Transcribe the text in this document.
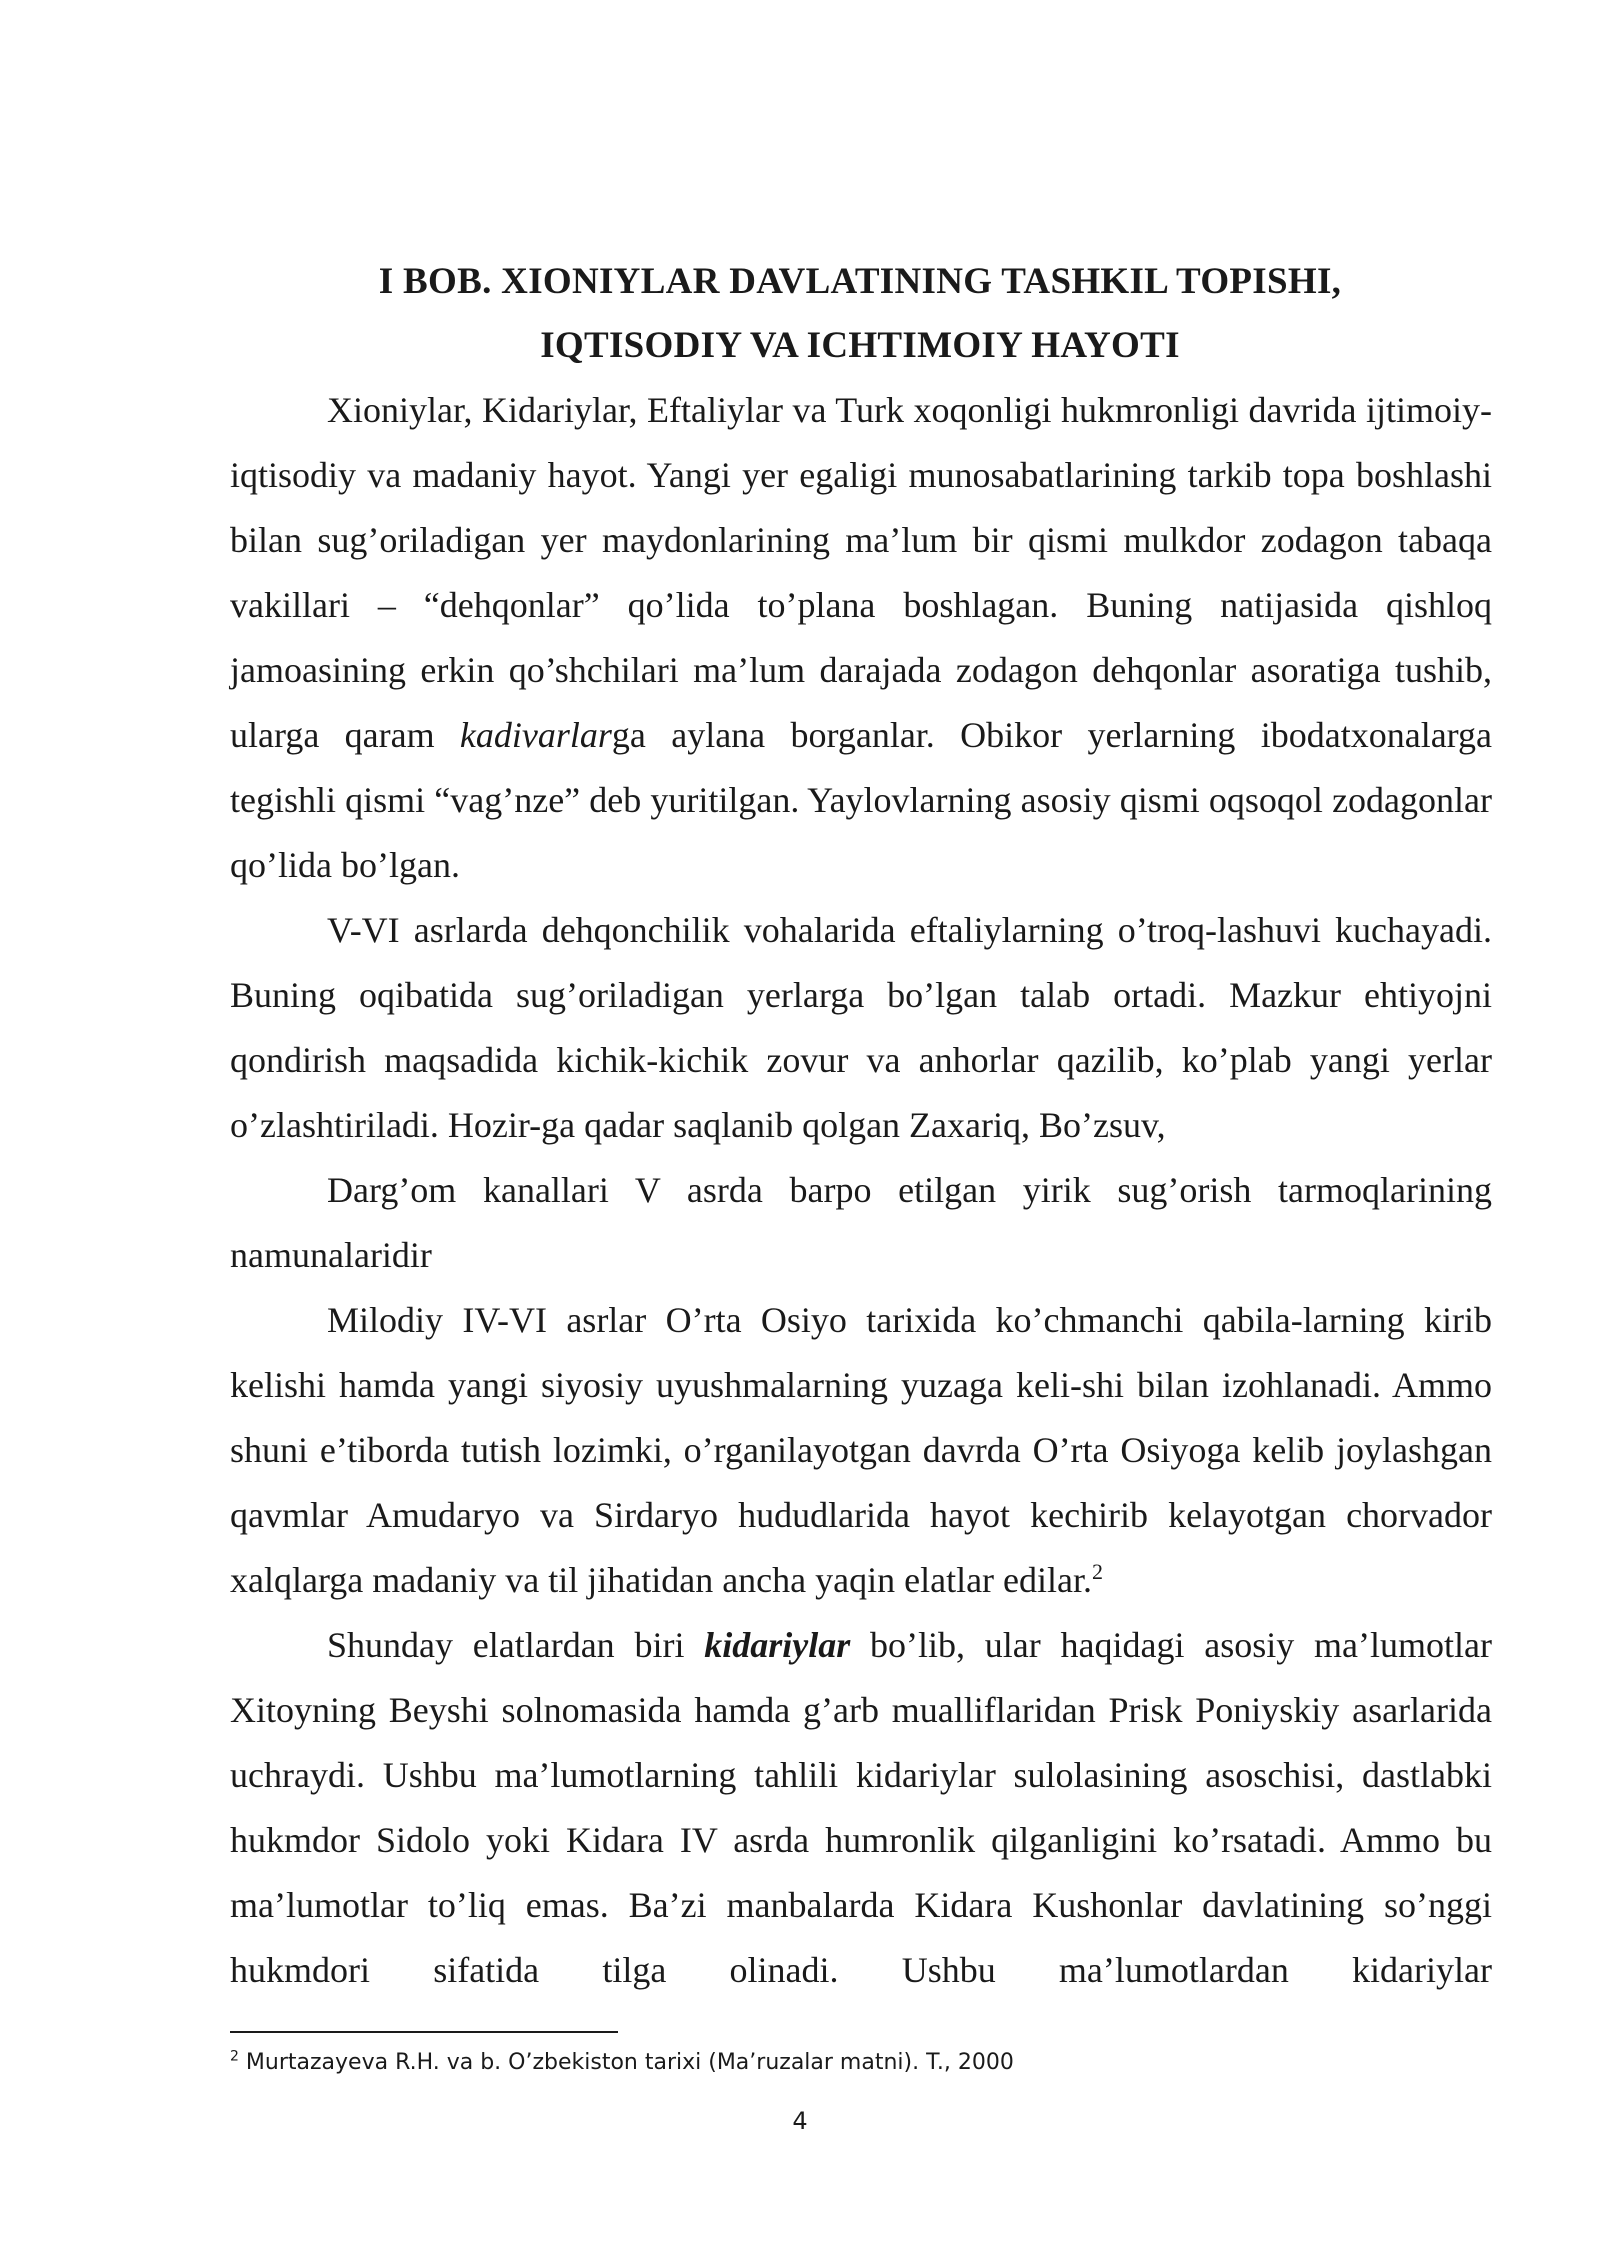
I BOB. XIONIYLAR DAVLATINING TASHKIL TOPISHI,
IQTISODIY VA ICHTIMOIY HAYOTI

Xioniylar, Kidariylar, Eftaliylar va Turk xoqonligi hukmronligi davrida ijtimoiy- iqtisodiy va madaniy hayot. Yangi yer egaligi munosabatlarining tarkib topa boshlashi bilan sug’oriladigan yer maydonlarining ma’lum bir qismi mulkdor zodagon tabaqa vakillari – “dehqonlar” qo’lida to’plana boshlagan. Buning natijasida qishloq jamoasining erkin qo’shchilari ma’lum darajada zodagon dehqonlar asoratiga tushib, ularga qaram kadivarlarga aylana borganlar. Obikor yerlarning ibodatxonalarga tegishli qismi “vag’nze” deb yuritilgan. Yaylovlarning asosiy qismi oqsoqol zodagonlar qo’lida bo’lgan.

V-VI asrlarda dehqonchilik vohalarida eftaliylarning o’troq-lashuvi kuchayadi. Buning oqibatida sug’oriladigan yerlarga bo’lgan talab ortadi. Mazkur ehtiyojni qondirish maqsadida kichik-kichik zovur va anhorlar qazilib, ko’plab yangi yerlar o’zlashtiriladi. Hozir-ga qadar saqlanib qolgan Zaxariq, Bo’zsuv,

Darg’om kanallari V asrda barpo etilgan yirik sug’orish tarmoqlarining namunalaridir

Milodiy IV-VI asrlar O’rta Osiyo tarixida ko’chmanchi qabila-larning kirib kelishi hamda yangi siyosiy uyushmalarning yuzaga keli-shi bilan izohlanadi. Ammo shuni e’tiborda tutish lozimki, o’rganilayotgan davrda O’rta Osiyoga kelib joylashgan qavmlar Amudaryo va Sirdaryo hududlarida hayot kechirib kelayotgan chorvador xalqlarga madaniy va til jihatidan ancha yaqin elatlar edilar.$^2$

Shunday elatlardan biri kidariylar bo’lib, ular haqidagi asosiy ma’lumotlar Xitoyning Beyshi solnomasida hamda g’arb mualliflaridan Prisk Poniyskiy asarlarida uchraydi. Ushbu ma’lumotlarning tahlili kidariylar sulolasining asoschisi, dastlabki hukmdor Sidolo yoki Kidara IV asrda humronlik qilganligini ko’rsatadi. Ammo bu ma’lumotlar to’liq emas. Ba’zi manbalarda Kidara Kushonlar davlatining so’nggi hukmdori sifatida tilga olinadi. Ushbu ma’lumotlardan kidariylar

$^2$ Murtazayeva R.H. va b. O’zbekiston tarixi (Ma’ruzalar matni). T., 2000
4
